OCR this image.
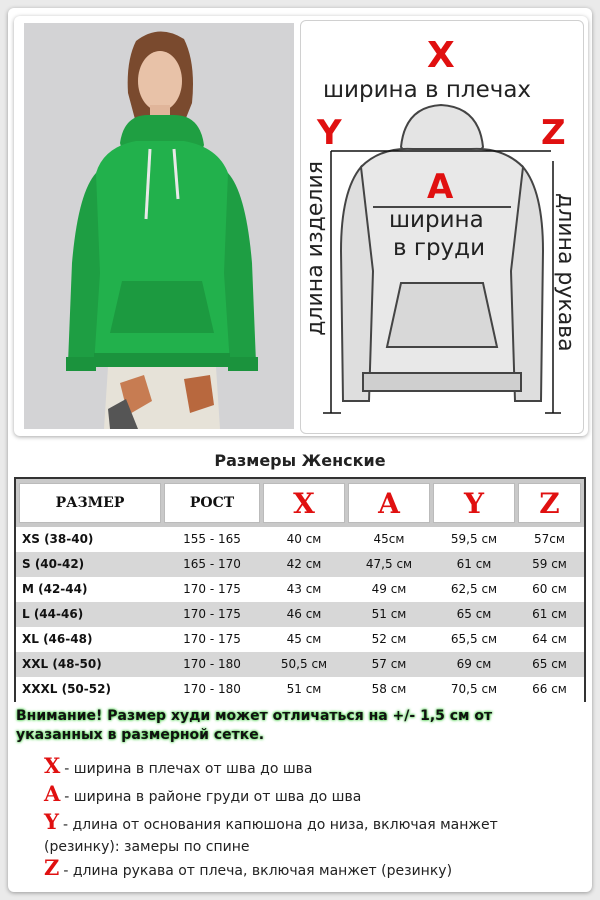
X
ширина в плечах
Y	Z
A
ширина
в груди
длина изделия	длина рукава
Размеры Женские
РАЗМЕР	РОСТ	X	A	Y	Z
XS (38-40)	155 - 165	40 см	45см	59,5 см	57см
S (40-42)	165 - 170	42 см	47,5 см	61 см	59 см
M (42-44)	170 - 175	43 см	49 см	62,5 см	60 см
L (44-46)	170 - 175	46 см	51 см	65 см	61 см
XL (46-48)	170 - 175	45 см	52 см	65,5 см	64 см
XXL (48-50)	170 - 180	50,5 см	57 см	69 см	65 см
XXXL (50-52)	170 - 180	51 см	58 см	70,5 см	66 см
Внимание! Размер худи может отличаться на +/- 1,5 см от указанных в размерной сетке.
X - ширина в плечах от шва до шва
A - ширина в районе груди от шва до шва
Y - длина от основания капюшона до низа, включая манжет (резинку): замеры по спине
Z - длина рукава от плеча, включая манжет (резинку)
